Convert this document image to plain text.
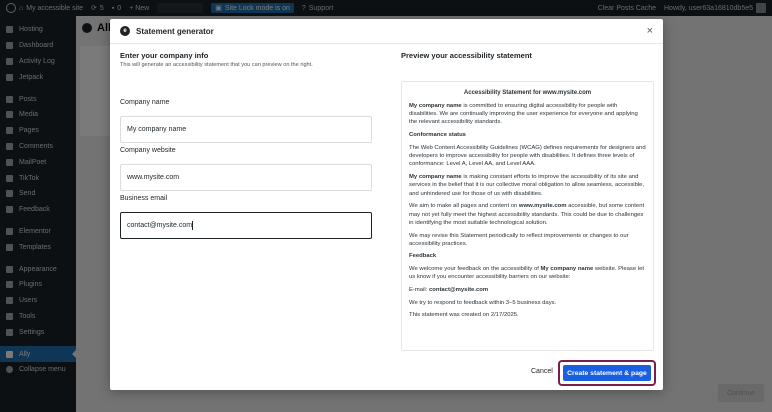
e	Statement generator	×
Enter your company info
This will generate an accessibility statement that you can preview on the right.
Company name
My company name
Company website
www.mysite.com
Business email
contact@mysite.com
Preview your accessibility statement

Accessibility Statement for www.mysite.com

My company name is committed to ensuring digital accessibility for people with disabilities. We are continually improving the user experience for everyone and applying the relevant accessibility standards.

Conformance status

The Web Content Accessibility Guidelines (WCAG) defines requirements for designers and developers to improve accessibility for people with disabilities. It defines three levels of conformance: Level A, Level AA, and Level AAA.

My company name is making constant efforts to improve the accessibility of its site and services in the belief that it is our collective moral obligation to allow seamless, accessible, and unhindered use for those of us with disabilities.

We aim to make all pages and content on www.mysite.com accessible, but some content may not yet fully meet the highest accessibility standards. This could be due to challenges in identifying the most suitable technological solution.

We may revise this Statement periodically to reflect improvements or changes to our accessibility practices.

Feedback

We welcome your feedback on the accessibility of My company name website. Please let us know if you encounter accessibility barriers on our website:

E-mail: contact@mysite.com

We try to respond to feedback within 3–5 business days.

This statement was created on 2/17/2025.

Cancel	Create statement & page
